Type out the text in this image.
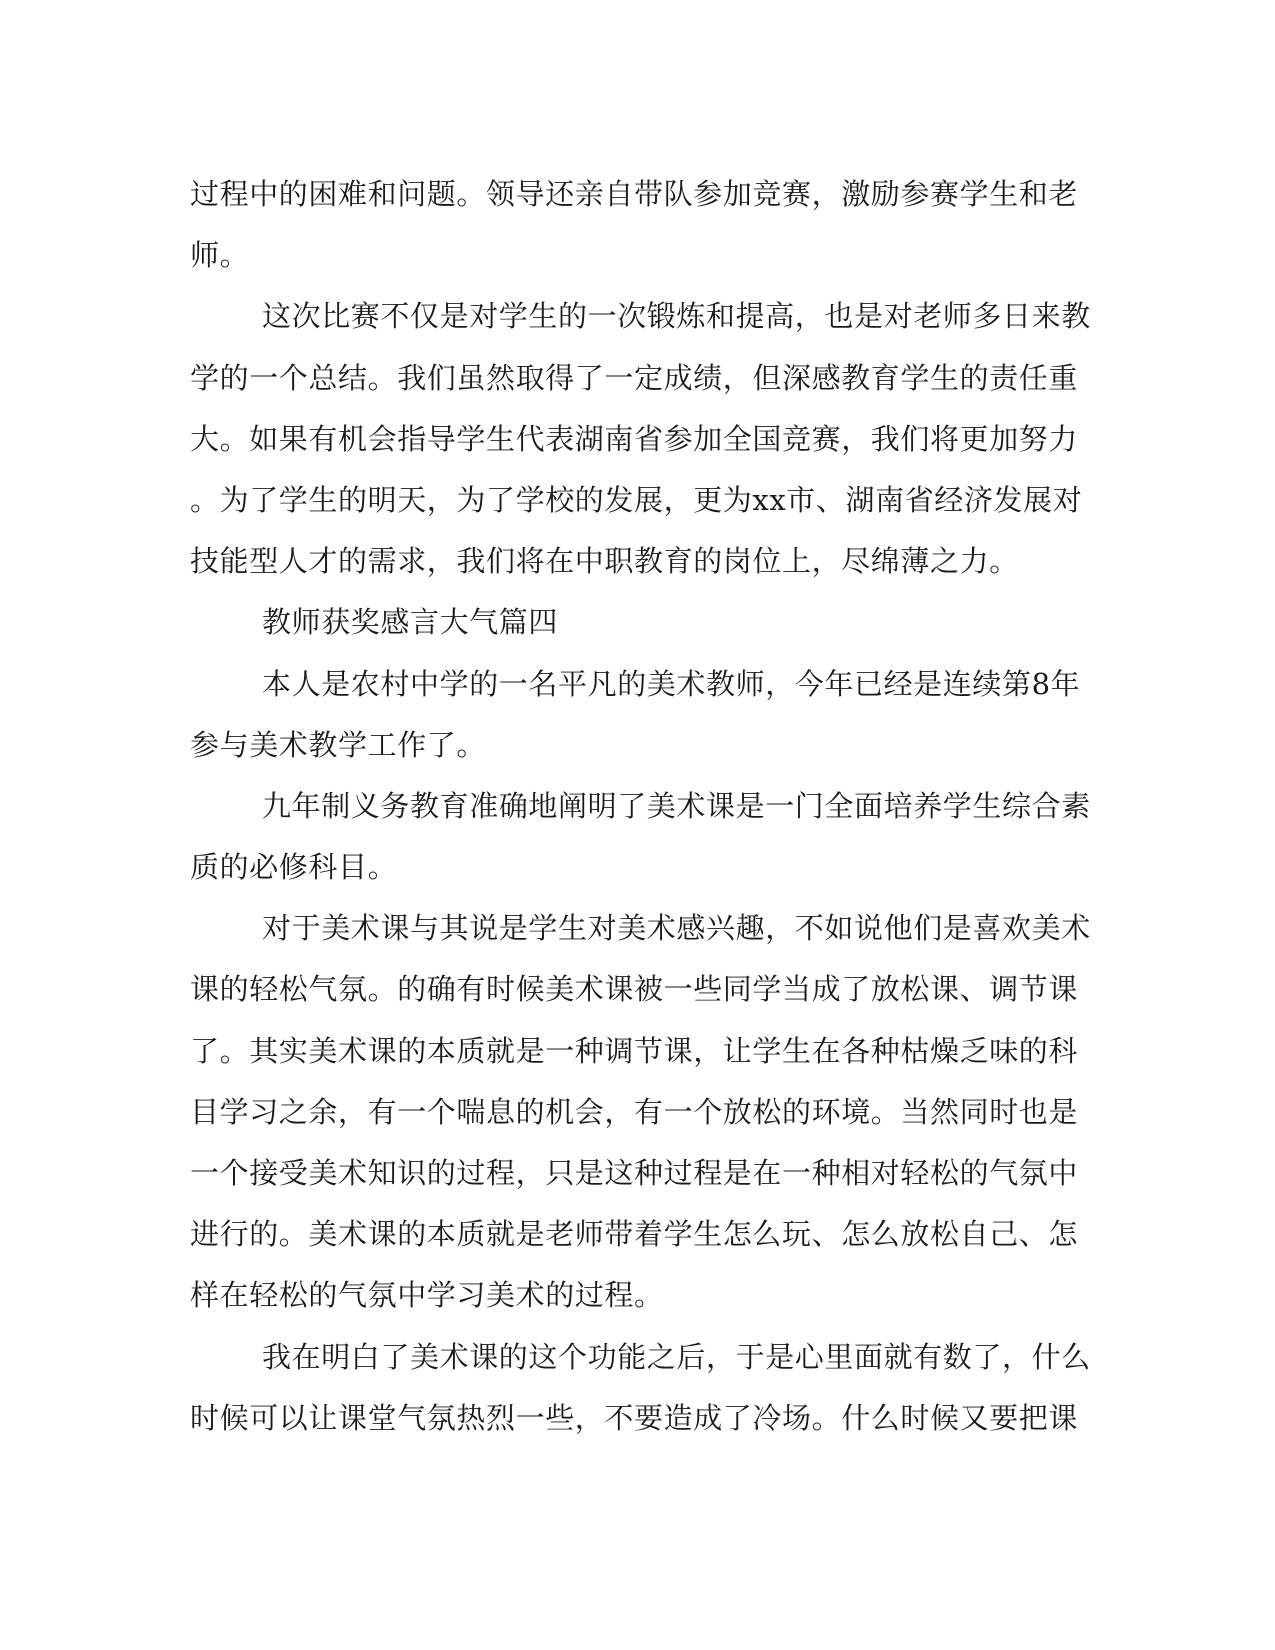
过程中的困难和问题。领导还亲自带队参加竞赛，激励参赛学生和老
师。
这次比赛不仅是对学生的一次锻炼和提高，也是对老师多日来教
学的一个总结。我们虽然取得了一定成绩，但深感教育学生的责任重
大。如果有机会指导学生代表湖南省参加全国竞赛，我们将更加努力
。为了学生的明天，为了学校的发展，更为xx市、湖南省经济发展对
技能型人才的需求，我们将在中职教育的岗位上，尽绵薄之力。
教师获奖感言大气篇四
本人是农村中学的一名平凡的美术教师，今年已经是连续第8年
参与美术教学工作了。
九年制义务教育准确地阐明了美术课是一门全面培养学生综合素
质的必修科目。
对于美术课与其说是学生对美术感兴趣，不如说他们是喜欢美术
课的轻松气氛。的确有时候美术课被一些同学当成了放松课、调节课
了。其实美术课的本质就是一种调节课，让学生在各种枯燥乏味的科
目学习之余，有一个喘息的机会，有一个放松的环境。当然同时也是
一个接受美术知识的过程，只是这种过程是在一种相对轻松的气氛中
进行的。美术课的本质就是老师带着学生怎么玩、怎么放松自己、怎
样在轻松的气氛中学习美术的过程。
我在明白了美术课的这个功能之后，于是心里面就有数了，什么
时候可以让课堂气氛热烈一些，不要造成了冷场。什么时候又要把课
